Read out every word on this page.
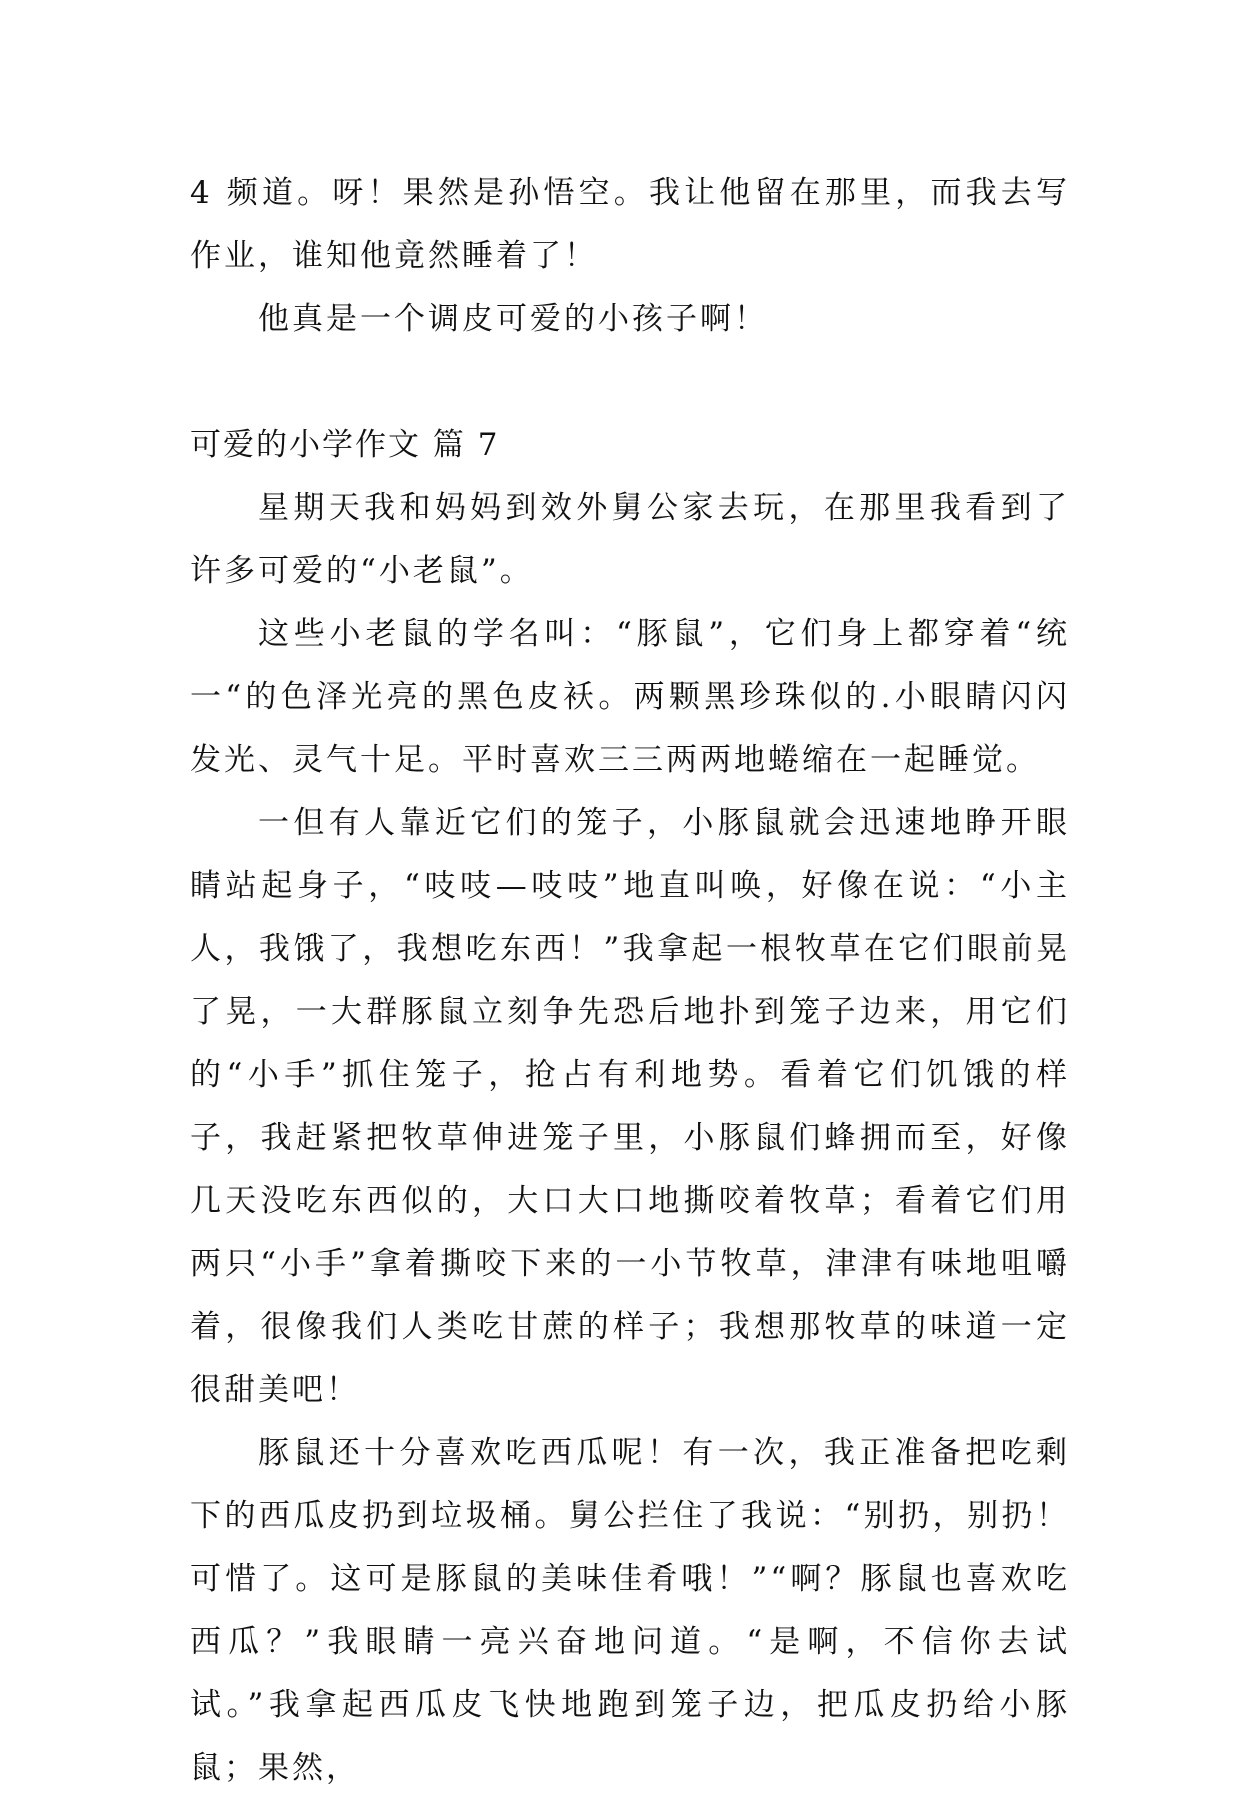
4 频道。呀！果然是孙悟空。我让他留在那里，而我去写作业，谁知他竟然睡着了！

他真是一个调皮可爱的小孩子啊！

可爱的小学作文 篇 7

星期天我和妈妈到效外舅公家去玩，在那里我看到了许多可爱的“小老鼠”。

这些小老鼠的学名叫：“豚鼠”，它们身上都穿着“统一“的色泽光亮的黑色皮袄。两颗黑珍珠似的.小眼睛闪闪发光、灵气十足。平时喜欢三三两两地蜷缩在一起睡觉。

一但有人靠近它们的笼子，小豚鼠就会迅速地睁开眼睛站起身子，“吱吱—吱吱”地直叫唤，好像在说：“小主人，我饿了，我想吃东西！”我拿起一根牧草在它们眼前晃了晃，一大群豚鼠立刻争先恐后地扑到笼子边来，用它们的“小手”抓住笼子，抢占有利地势。看着它们饥饿的样子，我赶紧把牧草伸进笼子里，小豚鼠们蜂拥而至，好像几天没吃东西似的，大口大口地撕咬着牧草；看着它们用两只“小手”拿着撕咬下来的一小节牧草，津津有味地咀嚼着，很像我们人类吃甘蔗的样子；我想那牧草的味道一定很甜美吧！

豚鼠还十分喜欢吃西瓜呢！有一次，我正准备把吃剩下的西瓜皮扔到垃圾桶。舅公拦住了我说：“别扔，别扔！可惜了。这可是豚鼠的美味佳肴哦！”“啊？豚鼠也喜欢吃西瓜？”我眼睛一亮兴奋地问道。“是啊，不信你去试试。”我拿起西瓜皮飞快地跑到笼子边，把瓜皮扔给小豚鼠；果然，
